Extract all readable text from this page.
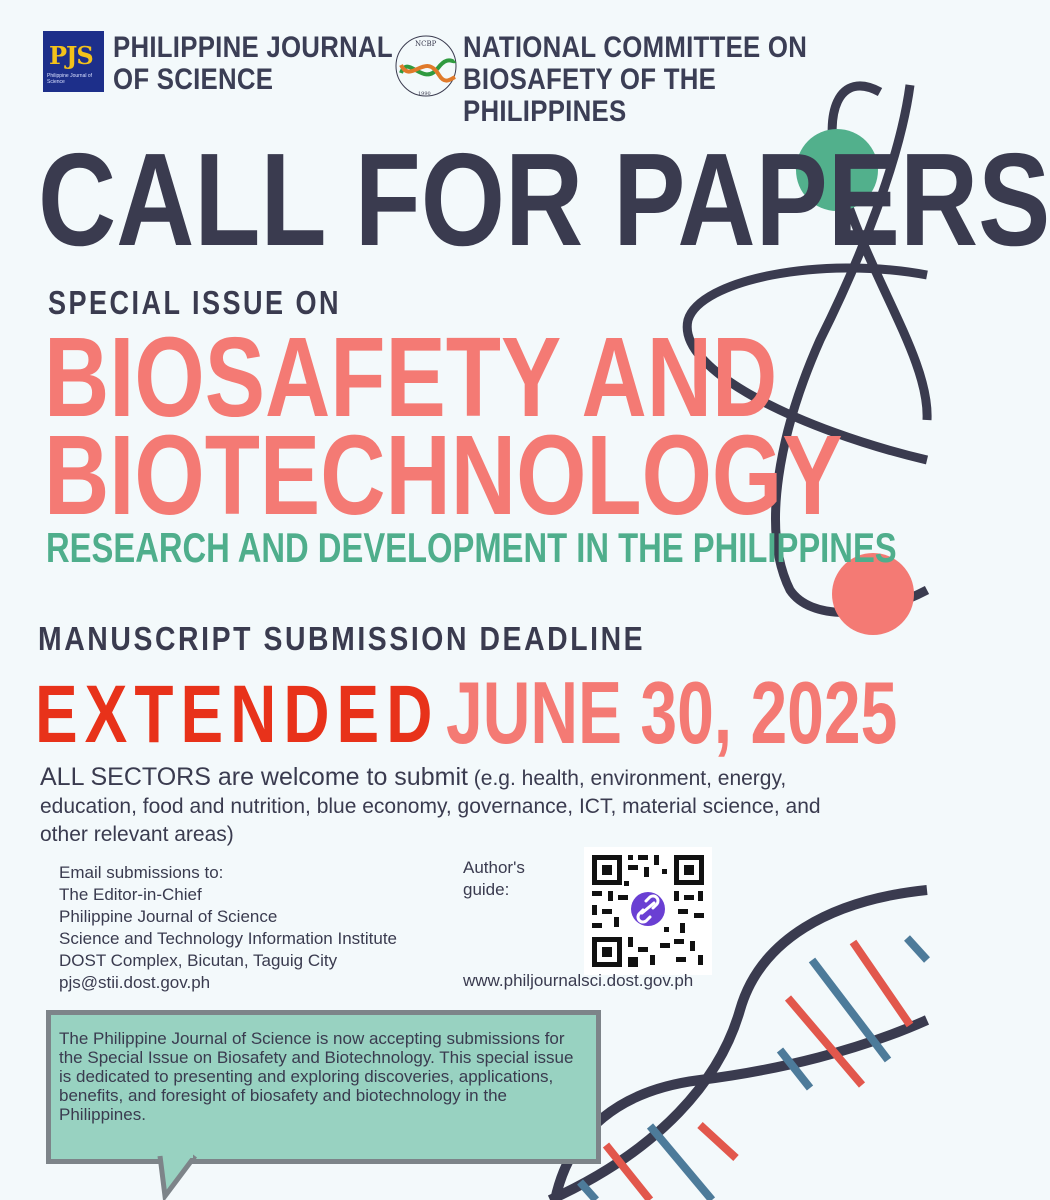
PJS
Philippine Journal of Science
PHILIPPINE JOURNAL
OF SCIENCE
NCBP
1990
NATIONAL COMMITTEE ON
BIOSAFETY OF THE PHILIPPINES
CALL FOR PAPERS
SPECIAL ISSUE ON
BIOSAFETY AND
BIOTECHNOLOGY
RESEARCH AND DEVELOPMENT IN THE PHILIPPINES
MANUSCRIPT SUBMISSION DEADLINE
EXTENDED JUNE 30, 2025
ALL SECTORS are welcome to submit (e.g. health, environment, energy, education, food and nutrition, blue economy, governance, ICT, material science, and other relevant areas)
Email submissions to:
The Editor-in-Chief
Philippine Journal of Science
Science and Technology Information Institute
DOST Complex, Bicutan, Taguig City
pjs@stii.dost.gov.ph
Author's
guide:
www.philjournalsci.dost.gov.ph
The Philippine Journal of Science is now accepting submissions for the Special Issue on Biosafety and Biotechnology. This special issue is dedicated to presenting and exploring discoveries, applications, benefits, and foresight of biosafety and biotechnology in the Philippines.
